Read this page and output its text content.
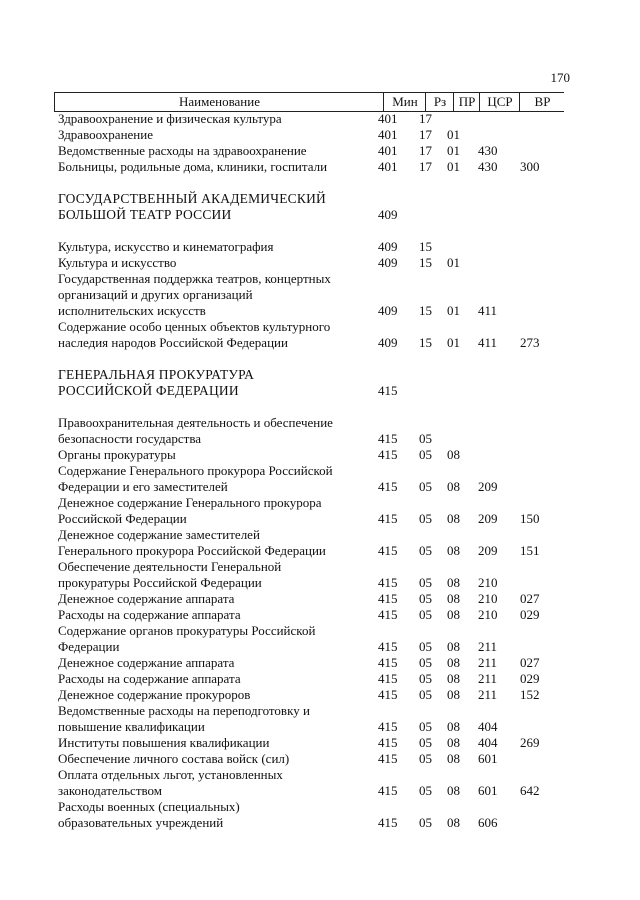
170
Наименование	Мин	Рз ПР ЦСР	ВР
Здравоохранение и физическая культура	401 17
Здравоохранение	401 17 01
Ведомственные расходы на здравоохранение	401 17 01 430
Больницы, родильные дома, клиники, госпитали	401 17 01 430 300
ГОСУДАРСТВЕННЫЙ АКАДЕМИЧЕСКИЙ
БОЛЬШОЙ ТЕАТР РОССИИ	409
Культура, искусство и кинематография	409 15
Культура и искусство	409 15 01
Государственная поддержка театров, концертных
организаций и других организаций
исполнительских искусств	409 15 01 411
Содержание особо ценных объектов культурного
наследия народов Российской Федерации	409 15 01 411 273
ГЕНЕРАЛЬНАЯ ПРОКУРАТУРА
РОССИЙСКОЙ ФЕДЕРАЦИИ	415
Правоохранительная деятельность и обеспечение
безопасности государства	415 05
Органы прокуратуры	415 05 08
Содержание Генерального прокурора Российской
Федерации и его заместителей	415 05 08 209
Денежное содержание Генерального прокурора
Российской Федерации	415 05 08 209 150
Денежное содержание заместителей
Генерального прокурора Российской Федерации	415 05 08 209 151
Обеспечение деятельности Генеральной
прокуратуры Российской Федерации	415 05 08 210
Денежное содержание аппарата	415 05 08 210 027
Расходы на содержание аппарата	415 05 08 210 029
Содержание органов прокуратуры Российской
Федерации	415 05 08 211
Денежное содержание аппарата	415 05 08 211 027
Расходы на содержание аппарата	415 05 08 211 029
Денежное содержание прокуроров	415 05 08 211 152
Ведомственные расходы на переподготовку и
повышение квалификации	415 05 08 404
Институты повышения квалификации	415 05 08 404 269
Обеспечение личного состава войск (сил)	415 05 08 601
Оплата отдельных льгот, установленных
законодательством	415 05 08 601 642
Расходы военных (специальных)
образовательных учреждений	415 05 08 606
